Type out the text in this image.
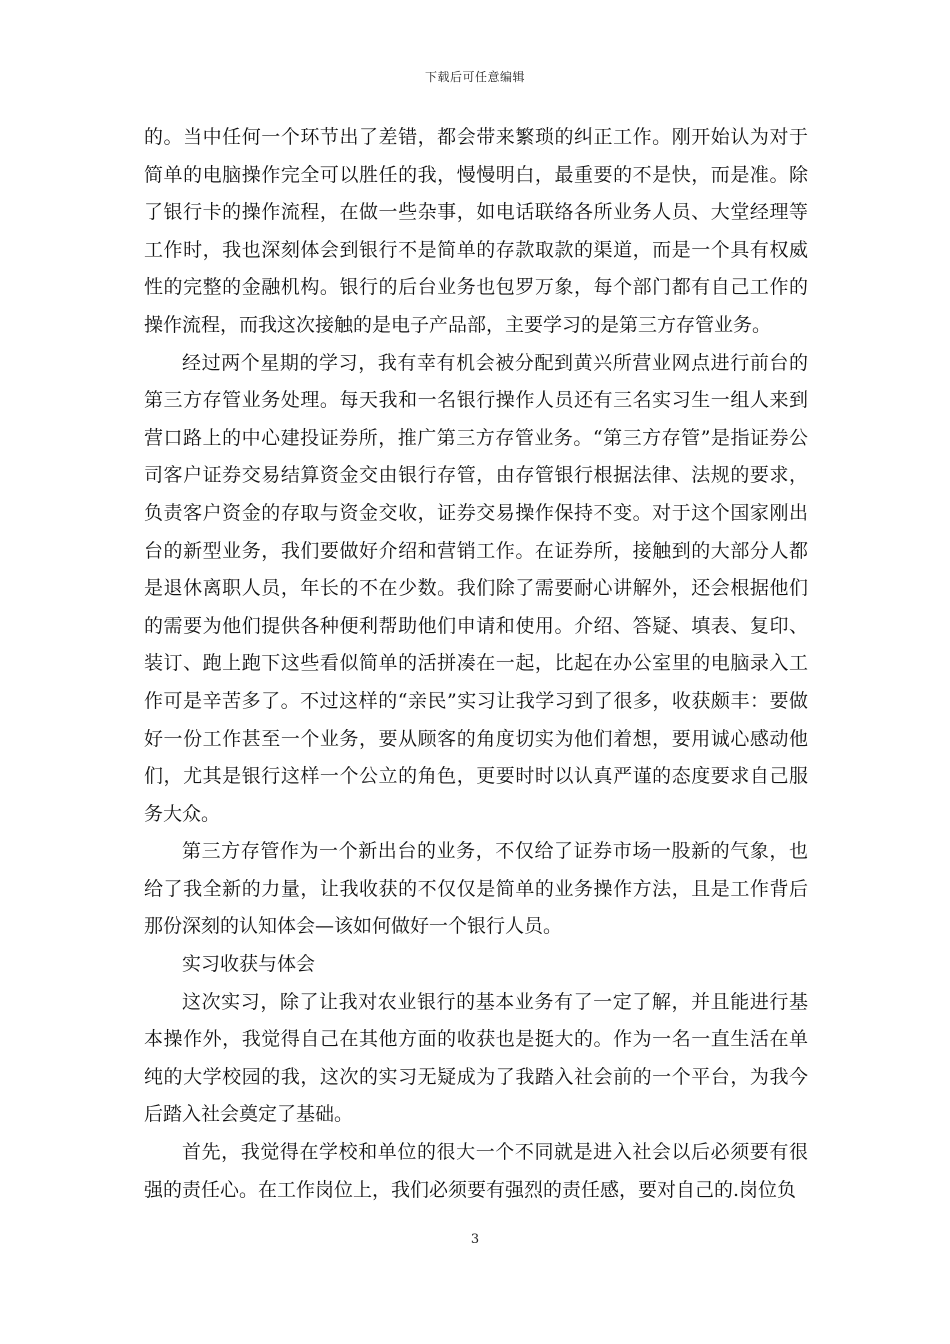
下载后可任意编辑

的。当中任何一个环节出了差错，都会带来繁琐的纠正工作。刚开始认为对于简单的电脑操作完全可以胜任的我，慢慢明白，最重要的不是快，而是准。除了银行卡的操作流程，在做一些杂事，如电话联络各所业务人员、大堂经理等工作时，我也深刻体会到银行不是简单的存款取款的渠道，而是一个具有权威性的完整的金融机构。银行的后台业务也包罗万象，每个部门都有自己工作的操作流程，而我这次接触的是电子产品部，主要学习的是第三方存管业务。

经过两个星期的学习，我有幸有机会被分配到黄兴所营业网点进行前台的第三方存管业务处理。每天我和一名银行操作人员还有三名实习生一组人来到营口路上的中心建投证券所，推广第三方存管业务。“第三方存管”是指证券公司客户证券交易结算资金交由银行存管，由存管银行根据法律、法规的要求，负责客户资金的存取与资金交收，证券交易操作保持不变。对于这个国家刚出台的新型业务，我们要做好介绍和营销工作。在证券所，接触到的大部分人都是退休离职人员，年长的不在少数。我们除了需要耐心讲解外，还会根据他们的需要为他们提供各种便利帮助他们申请和使用。介绍、答疑、填表、复印、装订、跑上跑下这些看似简单的活拼凑在一起，比起在办公室里的电脑录入工作可是辛苦多了。不过这样的“亲民”实习让我学习到了很多，收获颇丰：要做好一份工作甚至一个业务，要从顾客的角度切实为他们着想，要用诚心感动他们，尤其是银行这样一个公立的角色，更要时时以认真严谨的态度要求自己服务大众。

第三方存管作为一个新出台的业务，不仅给了证券市场一股新的气象，也给了我全新的力量，让我收获的不仅仅是简单的业务操作方法，且是工作背后那份深刻的认知体会—该如何做好一个银行人员。

实习收获与体会

这次实习，除了让我对农业银行的基本业务有了一定了解，并且能进行基本操作外，我觉得自己在其他方面的收获也是挺大的。作为一名一直生活在单纯的大学校园的我，这次的实习无疑成为了我踏入社会前的一个平台，为我今后踏入社会奠定了基础。

首先，我觉得在学校和单位的很大一个不同就是进入社会以后必须要有很强的责任心。在工作岗位上，我们必须要有强烈的责任感，要对自己的.岗位负

3
